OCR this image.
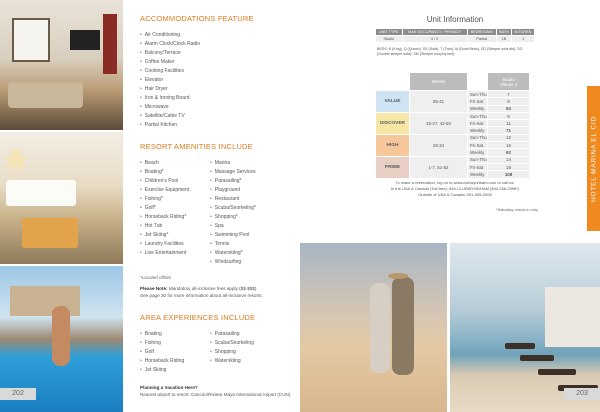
202
ACCOMMODATIONS FEATURE
• Air Conditioning
• Alarm Clock/Clock Radio
• Balcony/Terrace
• Coffee Maker
• Cooking Facilities
• Elevator
• Hair Dryer
• Iron & Ironing Board
• Microwave
• Satellite/Cable TV
• Partial Kitchen
RESORT AMENITIES INCLUDE
• Beach
• Boating*
• Children's Pool
• Exercise Equipment
• Fishing*
• Golf*
• Horseback Riding*
• Hot Tub
• Jet Skiing*
• Laundry Facilities
• Live Entertainment
• Marina
• Massage Services
• Parasailing*
• Playground
• Restaurant
• Scuba/Snorkeling*
• Shopping*
• Spa
• Swimming Pool
• Tennis
• Waterskiing*
• Windsurfing
*Located offsite
Please Note: Mandatory all-inclusive fees apply ($$-$$$)
See page 30 for more information about all-inclusive resorts.
AREA EXPERIENCES INCLUDE
• Boating
• Fishing
• Golf
• Horseback Riding
• Jet Skiing
• Parasailing
• Scuba/Snorkeling
• Shopping
• Waterskiing
Planning a Vacation Here?
Nearest airport to resort: Cancún/Riviera Maya International Airport (CUN)
Unit Information
UNIT TYPE	MAX OCCUPANCY / PRIVACY	BEDROOMS	BATH	KITCHEN
Studio	4 / 2	Partial	1B	1
BEDS: K (King), Q (Queen), SS (Sofa), T (Twin), M (Bunk Beds), SD (Sleeper sofa dbl), SO (Double sleeper sofa), SM (Sleeper murphy bed)
	Weeks		Studio
Sleeps 4
VALUE	35-41	Sun-Thu	7
		Fri-Sat	9
		Weekly	53
DISCOVER	16-27, 42-50	Sun-Thu	9
		Fri-Sat	11
		Weekly	71
HIGH	28-34	Sun-Thu	12
		Fri-Sat	16
		Weekly	92
PRIME	1-7, 51-52	Sun-Thu	14
		Fri-Sat	19
		Weekly	108
To make a reservation, log on to www.clubwyndham.com or call us:
In the USA & Canada (Toll-free): 844-CLUBWYNDHAM (844-258-2996*)
Outside of USA & Canada: 001-305-2005
*Saturday check-in only
HOTEL MARINA EL CID
203
